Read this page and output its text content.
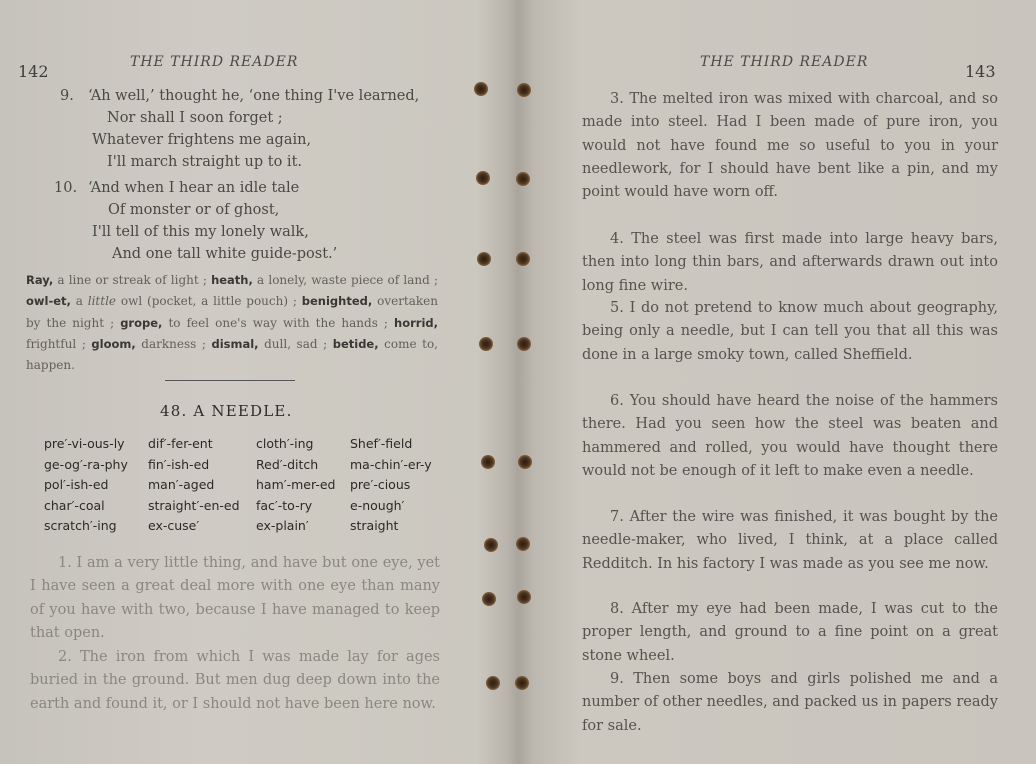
142	THE THIRD READER
9. ‘Ah well,’ thought he, ‘one thing I've learned,
Nor shall I soon forget ;
Whatever frightens me again,
I'll march straight up to it.
10. ‘And when I hear an idle tale
Of monster or of ghost,
I'll tell of this my lonely walk,
And one tall white guide-post.’
Ray, a line or streak of light ; heath, a lonely, waste piece of land ; owl-et, a little owl (pocket, a little pouch) ; benighted, overtaken by the night ; grope, to feel one's way with the hands ; horrid, frightful ; gloom, darkness ; dismal, dull, sad ; betide, come to, happen.
48. A NEEDLE.
pre′-vi-ous-ly
ge-og′-ra-phy
pol′-ish-ed
char′-coal
scratch′-ing
dif′-fer-ent
fin′-ish-ed
man′-aged
straight′-en-ed
ex-cuse′
cloth′-ing
Red′-ditch
ham′-mer-ed
fac′-to-ry
ex-plain′
Shef′-field
ma-chin′-er-y
pre′-cious
e-nough′
straight
1. I am a very little thing, and have but one eye, yet I have seen a great deal more with one eye than many of you have with two, because I have managed to keep that open.
2. The iron from which I was made lay for ages buried in the ground. But men dug deep down into the earth and found it, or I should not have been here now.
THE THIRD READER	143
3. The melted iron was mixed with charcoal, and so made into steel. Had I been made of pure iron, you would not have found me so useful to you in your needlework, for I should have bent like a pin, and my point would have worn off.
4. The steel was first made into large heavy bars, then into long thin bars, and afterwards drawn out into long fine wire.
5. I do not pretend to know much about geography, being only a needle, but I can tell you that all this was done in a large smoky town, called Sheffield.
6. You should have heard the noise of the hammers there. Had you seen how the steel was beaten and hammered and rolled, you would have thought there would not be enough of it left to make even a needle.
7. After the wire was finished, it was bought by the needle-maker, who lived, I think, at a place called Redditch. In his factory I was made as you see me now.
8. After my eye had been made, I was cut to the proper length, and ground to a fine point on a great stone wheel.
9. Then some boys and girls polished me and a number of other needles, and packed us in papers ready for sale.
